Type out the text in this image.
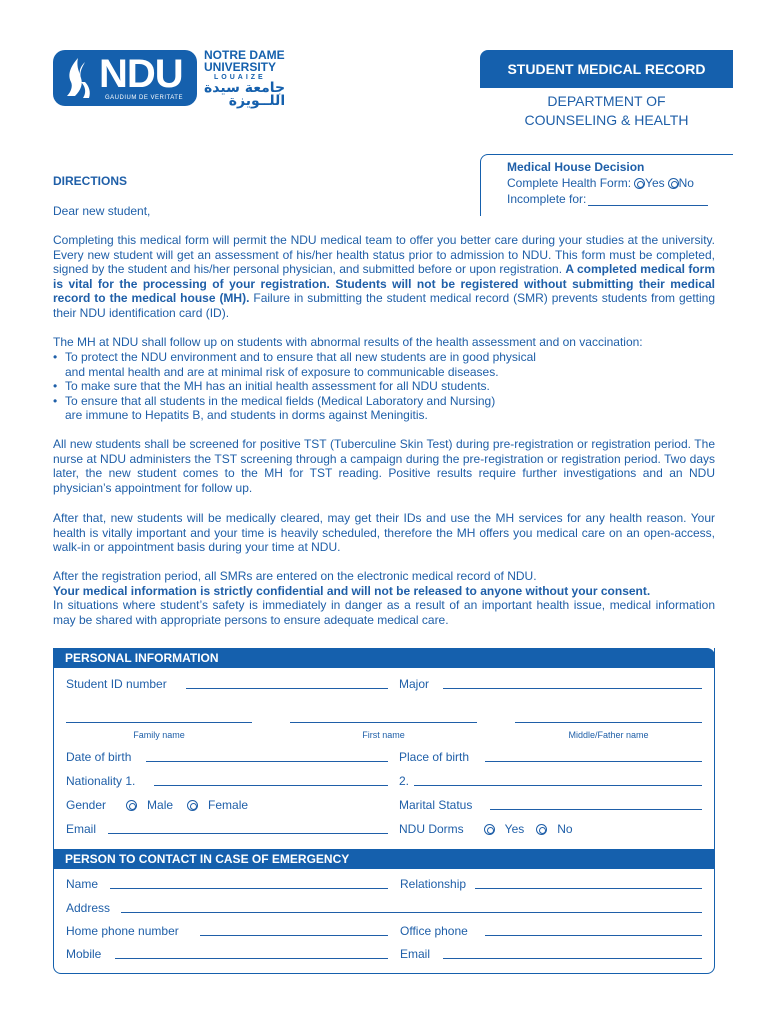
NDU
GAUDIUM DE VERITATE
NOTRE DAME
UNIVERSITY
LOUAIZE
جامعة سيدة
اللــويزة
STUDENT MEDICAL RECORD
DEPARTMENT OF
COUNSELING & HEALTH
Medical House Decision
Complete Health Form: Yes No
Incomplete for:
DIRECTIONS
Dear new student,
Completing this medical form will permit the NDU medical team to offer you better care during your studies at the university. Every new student will get an assessment of his/her health status prior to admission to NDU. This form must be completed, signed by the student and his/her personal physician, and submitted before or upon registration. A completed medical form is vital for the processing of your registration. Students will not be registered without submitting their medical record to the medical house (MH). Failure in submitting the student medical record (SMR) prevents students from getting their NDU identification card (ID).
The MH at NDU shall follow up on students with abnormal results of the health assessment and on vaccination:
• To protect the NDU environment and to ensure that all new students are in good physical
and mental health and are at minimal risk of exposure to communicable diseases.
• To make sure that the MH has an initial health assessment for all NDU students.
• To ensure that all students in the medical fields (Medical Laboratory and Nursing)
are immune to Hepatits B, and students in dorms against Meningitis.
All new students shall be screened for positive TST (Tuberculine Skin Test) during pre-registration or registration period. The nurse at NDU administers the TST screening through a campaign during the pre-registration or registration period. Two days later, the new student comes to the MH for TST reading. Positive results require further investigations and an NDU physician’s appointment for follow up.
After that, new students will be medically cleared, may get their IDs and use the MH services for any health reason. Your health is vitally important and your time is heavily scheduled, therefore the MH offers you medical care on an open-access, walk-in or appointment basis during your time at NDU.
After the registration period, all SMRs are entered on the electronic medical record of NDU.
Your medical information is strictly confidential and will not be released to anyone without your consent.
In situations where student’s safety is immediately in danger as a result of an important health issue, medical information may be shared with appropriate persons to ensure adequate medical care.
PERSONAL INFORMATION
Student ID number	Major
Family name	First name	Middle/Father name
Date of birth	Place of birth
Nationality 1.	2.
Gender	Male	Female	Marital Status
Email	NDU Dorms	Yes	No
PERSON TO CONTACT IN CASE OF EMERGENCY
Name	Relationship
Address
Home phone number	Office phone
Mobile	Email
